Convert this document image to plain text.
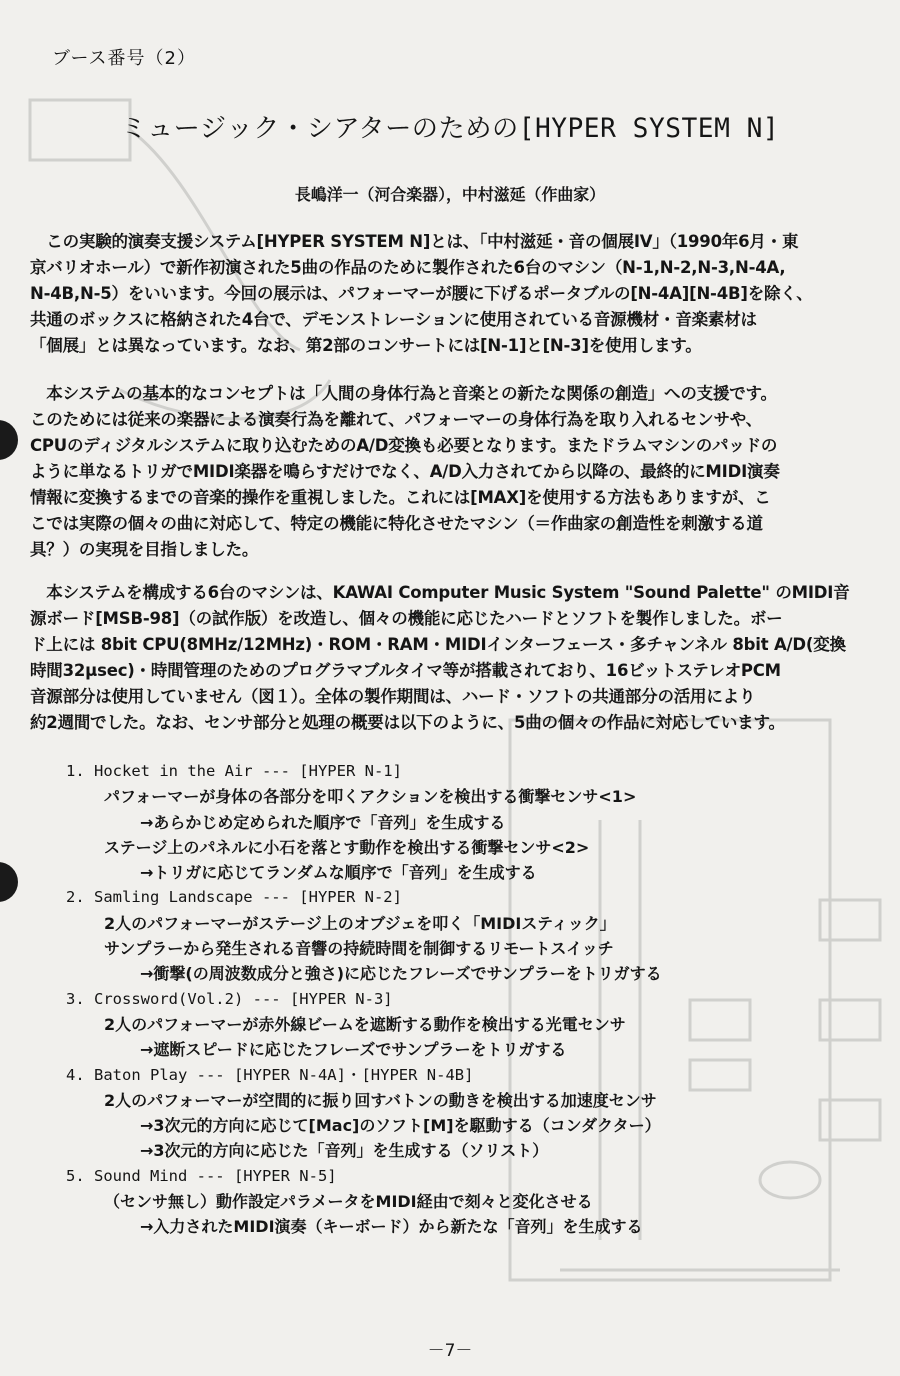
ブース番号（2）
ミュージック・シアターのための[HYPER SYSTEM N]
長嶋洋一（河合楽器），中村滋延（作曲家）
　この実験的演奏支援システム[HYPER SYSTEM N]とは、「中村滋延・音の個展IV」（1990年6月・東
京バリオホール）で新作初演された5曲の作品のために製作された6台のマシン（N-1,N-2,N-3,N-4A,
N-4B,N-5）をいいます。今回の展示は、パフォーマーが腰に下げるポータブルの[N-4A][N-4B]を除く、
共通のボックスに格納された4台で、デモンストレーションに使用されている音源機材・音楽素材は
「個展」とは異なっています。なお、第2部のコンサートには[N-1]と[N-3]を使用します。
　本システムの基本的なコンセプトは「人間の身体行為と音楽との新たな関係の創造」への支援です。
このためには従来の楽器による演奏行為を離れて、パフォーマーの身体行為を取り入れるセンサや、
CPUのディジタルシステムに取り込むためのA/D変換も必要となります。またドラムマシンのパッドの
ように単なるトリガでMIDI楽器を鳴らすだけでなく、A/D入力されてから以降の、最終的にMIDI演奏
情報に変換するまでの音楽的操作を重視しました。これには[MAX]を使用する方法もありますが、こ
こでは実際の個々の曲に対応して、特定の機能に特化させたマシン（＝作曲家の創造性を刺激する道
具？）の実現を目指しました。
　本システムを構成する6台のマシンは、KAWAI Computer Music System "Sound Palette" のMIDI音
源ボード[MSB-98]（の試作版）を改造し、個々の機能に応じたハードとソフトを製作しました。ボー
ド上には 8bit CPU(8MHz/12MHz)・ROM・RAM・MIDIインターフェース・多チャンネル 8bit A/D(変換
時間32μsec)・時間管理のためのプログラマブルタイマ等が搭載されており、16ビットステレオPCM
音源部分は使用していません（図１）。全体の製作期間は、ハード・ソフトの共通部分の活用により
約2週間でした。なお、センサ部分と処理の概要は以下のように、5曲の個々の作品に対応しています。
1. Hocket in the Air --- [HYPER N-1]
パフォーマーが身体の各部分を叩くアクションを検出する衝撃センサ<1>
→あらかじめ定められた順序で「音列」を生成する
ステージ上のパネルに小石を落とす動作を検出する衝撃センサ<2>
→トリガに応じてランダムな順序で「音列」を生成する
2. Samling Landscape --- [HYPER N-2]
2人のパフォーマーがステージ上のオブジェを叩く「MIDIスティック」
サンプラーから発生される音響の持続時間を制御するリモートスイッチ
→衝撃(の周波数成分と強さ)に応じたフレーズでサンプラーをトリガする
3. Crossword(Vol.2) --- [HYPER N-3]
2人のパフォーマーが赤外線ビームを遮断する動作を検出する光電センサ
→遮断スピードに応じたフレーズでサンプラーをトリガする
4. Baton Play --- [HYPER N-4A]・[HYPER N-4B]
2人のパフォーマーが空間的に振り回すバトンの動きを検出する加速度センサ
→3次元的方向に応じて[Mac]のソフト[M]を駆動する（コンダクター）
→3次元的方向に応じた「音列」を生成する（ソリスト）
5. Sound Mind --- [HYPER N-5]
（センサ無し）動作設定パラメータをMIDI経由で刻々と変化させる
→入力されたMIDI演奏（キーボード）から新たな「音列」を生成する
－7－
